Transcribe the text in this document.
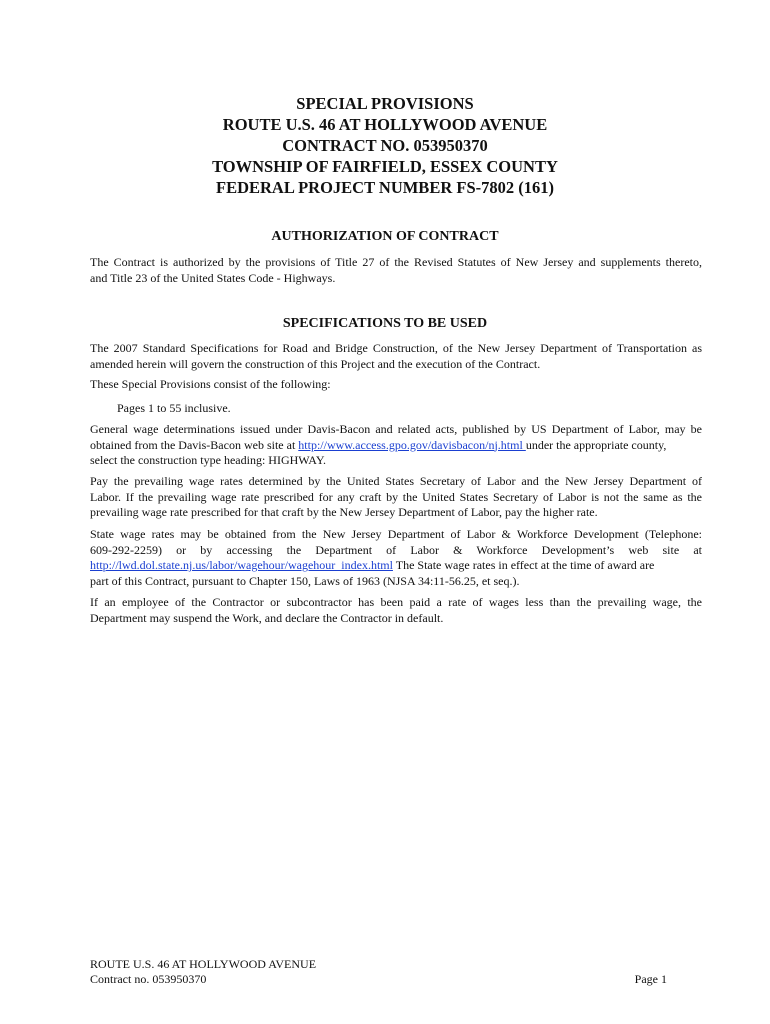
SPECIAL PROVISIONS
ROUTE U.S. 46 AT HOLLYWOOD AVENUE
CONTRACT NO. 053950370
TOWNSHIP OF FAIRFIELD, ESSEX COUNTY
FEDERAL PROJECT NUMBER FS-7802 (161)
AUTHORIZATION OF CONTRACT
The Contract is authorized by the provisions of Title 27 of the Revised Statutes of New Jersey and supplements thereto,
and Title 23 of the United States Code - Highways.
SPECIFICATIONS TO BE USED
The 2007 Standard Specifications for Road and Bridge Construction, of the New Jersey Department of Transportation as
amended herein will govern the construction of this Project and the execution of the Contract.
These Special Provisions consist of the following:
Pages 1 to 55 inclusive.
General wage determinations issued under Davis-Bacon and related acts, published by US Department of Labor, may be
obtained from the Davis-Bacon web site at http://www.access.gpo.gov/davisbacon/nj.html under the appropriate county,
select the construction type heading: HIGHWAY.
Pay the prevailing wage rates determined by the United States Secretary of Labor and the New Jersey Department of
Labor. If the prevailing wage rate prescribed for any craft by the United States Secretary of Labor is not the same as the
prevailing wage rate prescribed for that craft by the New Jersey Department of Labor, pay the higher rate.
State wage rates may be obtained from the New Jersey Department of Labor & Workforce Development (Telephone:
609-292-2259) or by accessing the Department of Labor & Workforce Development’s web site at
http://lwd.dol.state.nj.us/labor/wagehour/wagehour_index.html The State wage rates in effect at the time of award are
part of this Contract, pursuant to Chapter 150, Laws of 1963 (NJSA 34:11-56.25, et seq.).
If an employee of the Contractor or subcontractor has been paid a rate of wages less than the prevailing wage, the
Department may suspend the Work, and declare the Contractor in default.
ROUTE U.S. 46 AT HOLLYWOOD AVENUE
Contract no. 053950370	Page 1
